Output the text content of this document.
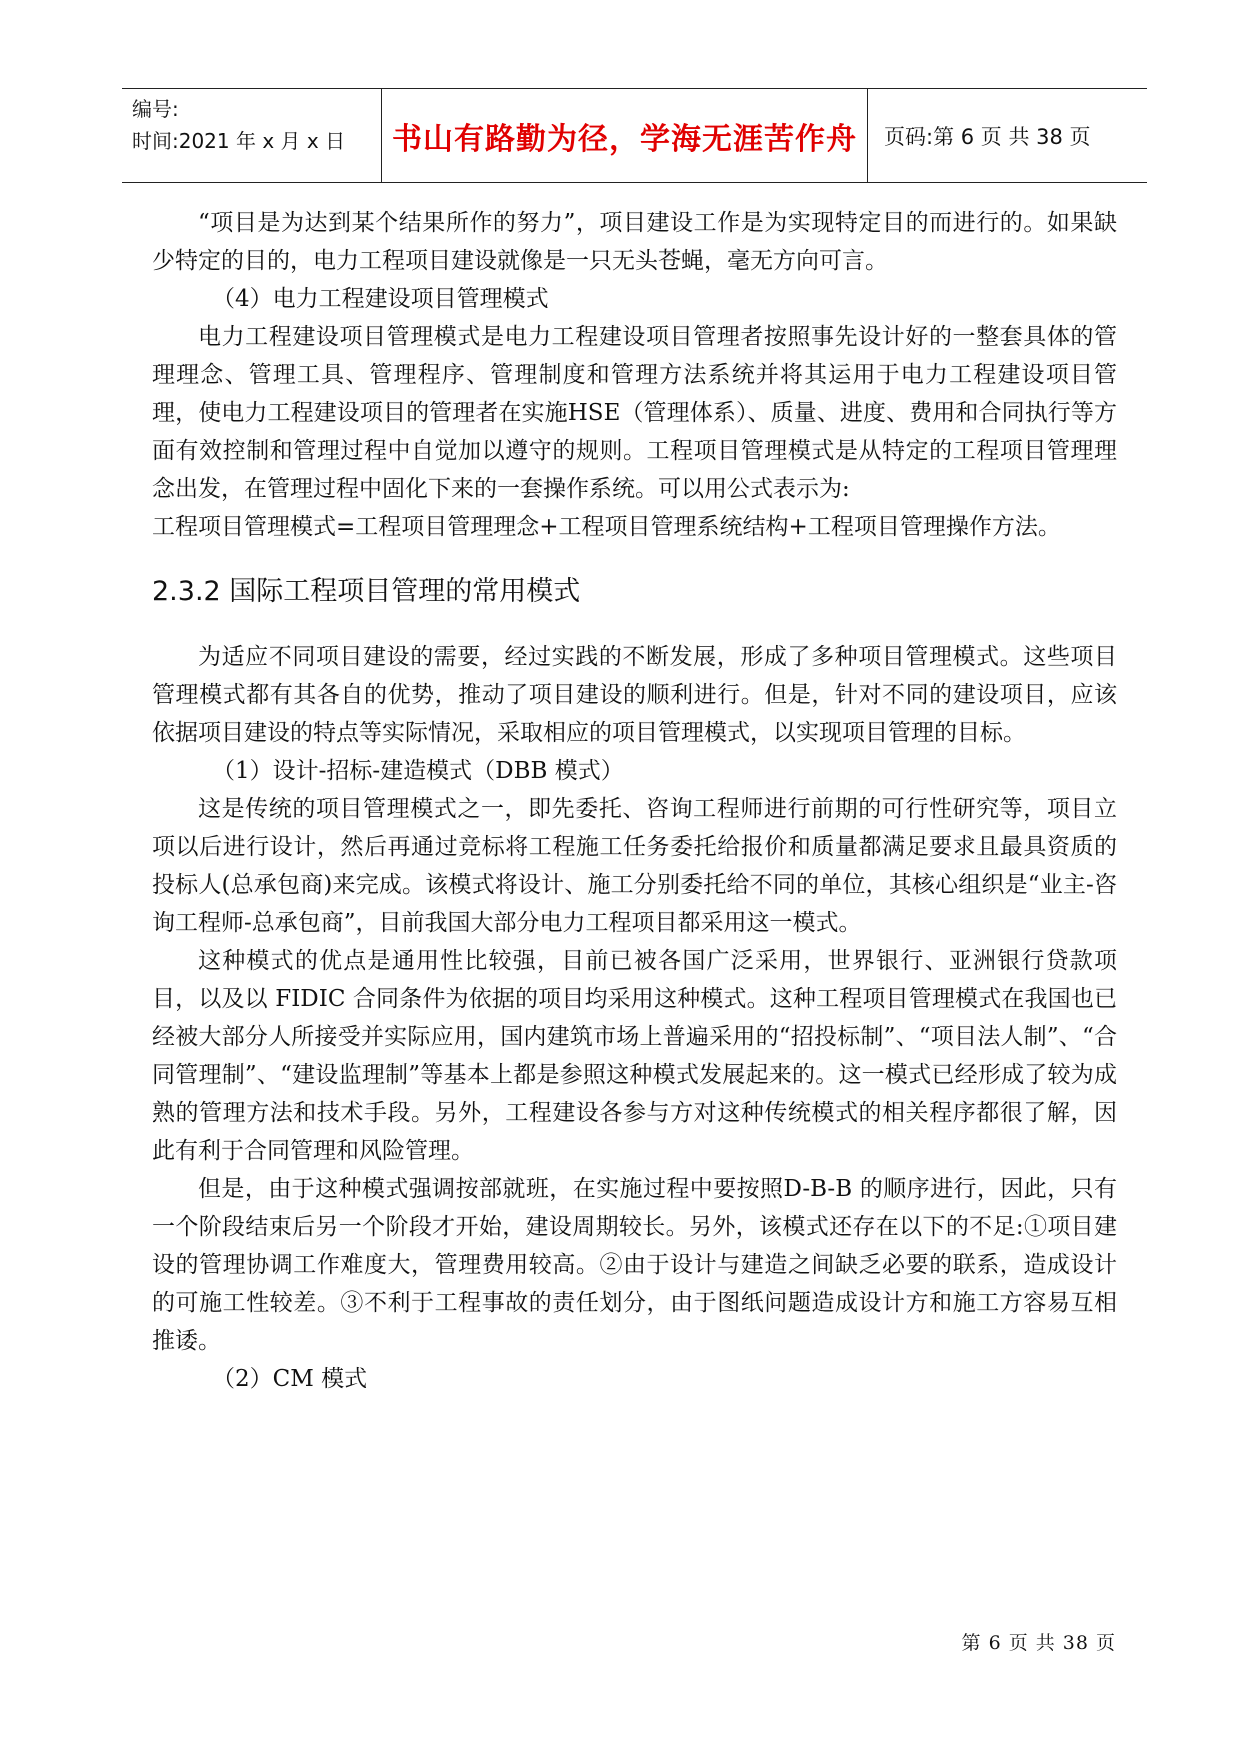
编号:
时间:2021 年 x 月 x 日	书山有路勤为径，学海无涯苦作舟	页码:第 6 页 共 38 页

“项目是为达到某个结果所作的努力”，项目建设工作是为实现特定目的而进行的。如果缺少特定的目的，电力工程项目建设就像是一只无头苍蝇，毫无方向可言。

（4）电力工程建设项目管理模式

电力工程建设项目管理模式是电力工程建设项目管理者按照事先设计好的一整套具体的管理理念、管理工具、管理程序、管理制度和管理方法系统并将其运用于电力工程建设项目管理，使电力工程建设项目的管理者在实施HSE（管理体系）、质量、进度、费用和合同执行等方面有效控制和管理过程中自觉加以遵守的规则。工程项目管理模式是从特定的工程项目管理理念出发，在管理过程中固化下来的一套操作系统。可以用公式表示为:

工程项目管理模式=工程项目管理理念+工程项目管理系统结构+工程项目管理操作方法。

2.3.2 国际工程项目管理的常用模式

为适应不同项目建设的需要，经过实践的不断发展，形成了多种项目管理模式。这些项目管理模式都有其各自的优势，推动了项目建设的顺利进行。但是，针对不同的建设项目，应该依据项目建设的特点等实际情况，采取相应的项目管理模式，以实现项目管理的目标。

（1）设计-招标-建造模式（DBB 模式）

这是传统的项目管理模式之一，即先委托、咨询工程师进行前期的可行性研究等，项目立项以后进行设计，然后再通过竞标将工程施工任务委托给报价和质量都满足要求且最具资质的投标人(总承包商)来完成。该模式将设计、施工分别委托给不同的单位，其核心组织是“业主-咨询工程师-总承包商”，目前我国大部分电力工程项目都采用这一模式。

这种模式的优点是通用性比较强，目前已被各国广泛采用，世界银行、亚洲银行贷款项目，以及以 FIDIC 合同条件为依据的项目均采用这种模式。这种工程项目管理模式在我国也已经被大部分人所接受并实际应用，国内建筑市场上普遍采用的“招投标制”、“项目法人制”、“合同管理制”、“建设监理制”等基本上都是参照这种模式发展起来的。这一模式已经形成了较为成熟的管理方法和技术手段。另外，工程建设各参与方对这种传统模式的相关程序都很了解，因此有利于合同管理和风险管理。

但是，由于这种模式强调按部就班，在实施过程中要按照D-B-B 的顺序进行，因此，只有一个阶段结束后另一个阶段才开始，建设周期较长。另外，该模式还存在以下的不足:①项目建设的管理协调工作难度大，管理费用较高。②由于设计与建造之间缺乏必要的联系，造成设计的可施工性较差。③不利于工程事故的责任划分，由于图纸问题造成设计方和施工方容易互相推诿。

（2）CM 模式

第 6 页 共 38 页
